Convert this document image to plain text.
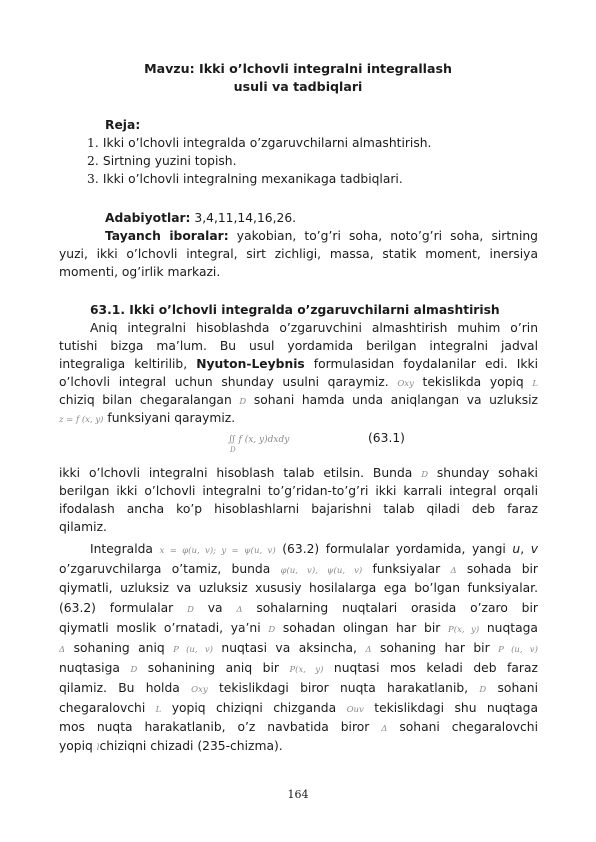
Mavzu: Ikki o’lchovli integralni integrallash
usuli va tadbiqlari
Reja:
1. Ikki o’lchovli integralda o’zgaruvchilarni almashtirish.
2. Sirtning yuzini topish.
3. Ikki o’lchovli integralning mexanikaga tadbiqlari.
Adabiyotlar: 3,4,11,14,16,26.
Tayanch iboralar: yakobian, to’g’ri soha, noto’g’ri soha, sirtning
yuzi, ikki o’lchovli integral, sirt zichligi, massa, statik moment, inersiya
momenti, og’irlik markazi.
63.1. Ikki o’lchovli integralda o’zgaruvchilarni almashtirish
Aniq integralni hisoblashda o’zgaruvchini almashtirish muhim o’rin
tutishi bizga ma’lum. Bu usul yordamida berilgan integralni jadval
integraliga keltirilib, Nyuton-Leybnis formulasidan foydalanilar edi. Ikki
o’lchovli integral uchun shunday usulni qaraymiz. Oxy tekislikda yopiq L
chiziq bilan chegaralangan D sohani hamda unda aniqlangan va uzluksiz
z = f (x, y) funksiyani qaraymiz.
∬ f (x, y)dxdy	(63.1)
D
ikki o’lchovli integralni hisoblash talab etilsin. Bunda D shunday sohaki
berilgan ikki o’lchovli integralni to’g’ridan-to’g’ri ikki karrali integral orqali
ifodalash ancha ko’p hisoblashlarni bajarishni talab qiladi deb faraz
qilamiz.
Integralda x = φ(u, v); y = ψ(u, v) (63.2) formulalar yordamida, yangi u, v
o’zgaruvchilarga o’tamiz, bunda φ(u, v), ψ(u, v) funksiyalar Δ sohada bir
qiymatli, uzluksiz va uzluksiz xususiy hosilalarga ega bo’lgan funksiyalar.
(63.2) formulalar D va Δ sohalarning nuqtalari orasida o’zaro bir
qiymatli moslik o’rnatadi, ya’ni D sohadan olingan har bir P(x, y) nuqtaga
Δ sohaning aniq P (u, v) nuqtasi va aksincha, Δ sohaning har bir P (u, v)
nuqtasiga D sohanining aniq bir P(x, y) nuqtasi mos keladi deb faraz
qilamiz. Bu holda Oxy tekislikdagi biror nuqta harakatlanib, D sohani
chegaralovchi L yopiq chiziqni chizganda Ouv tekislikdagi shu nuqtaga
mos nuqta harakatlanib, o’z navbatida biror Δ sohani chegaralovchi
yopiq lchiziqni chizadi (235-chizma).
164
